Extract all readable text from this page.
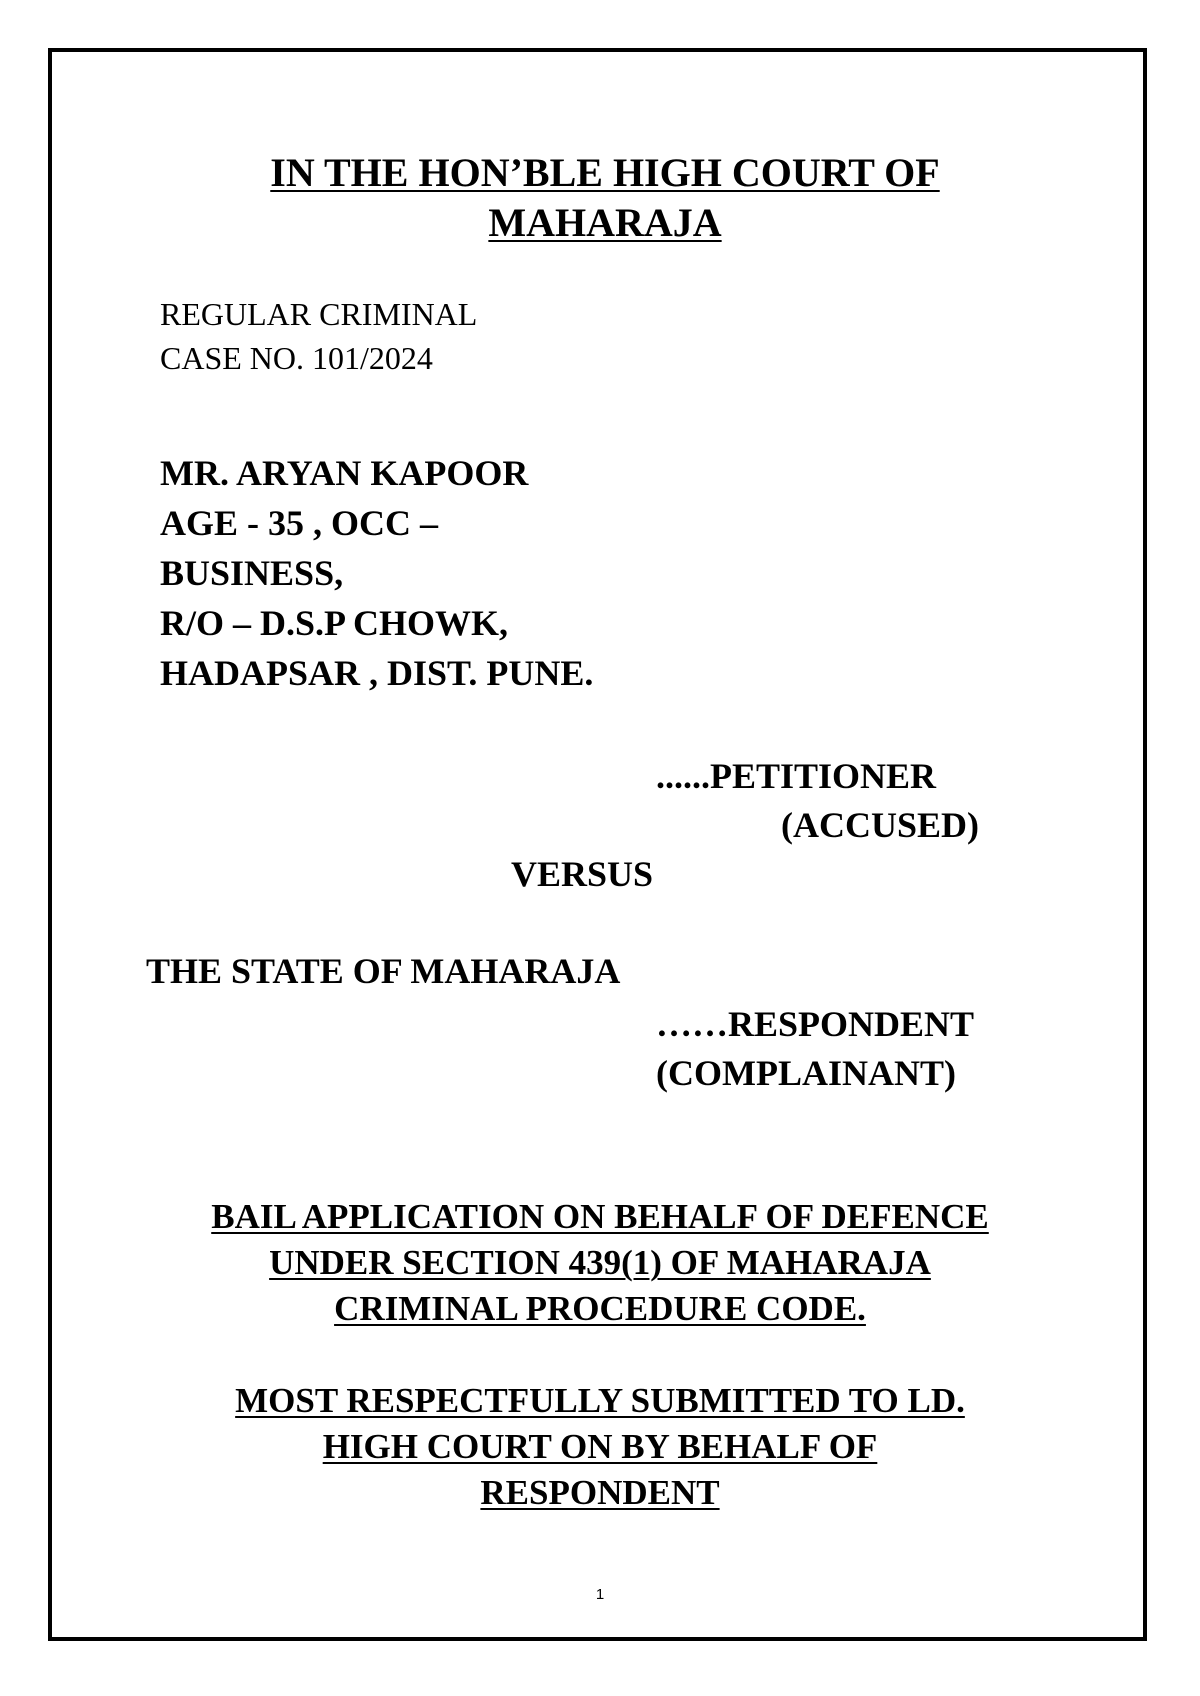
IN THE HON’BLE HIGH COURT OF
MAHARAJA
REGULAR CRIMINAL
CASE NO. 101/2024
MR. ARYAN KAPOOR
AGE - 35 , OCC –
BUSINESS,
R/O – D.S.P CHOWK,
HADAPSAR , DIST. PUNE.
......PETITIONER
(ACCUSED)
VERSUS
THE STATE OF MAHARAJA
……RESPONDENT
(COMPLAINANT)
BAIL APPLICATION ON BEHALF OF DEFENCE
UNDER SECTION 439(1) OF MAHARAJA
CRIMINAL PROCEDURE CODE.
MOST RESPECTFULLY SUBMITTED TO LD.
HIGH COURT ON BY BEHALF OF
RESPONDENT
1
